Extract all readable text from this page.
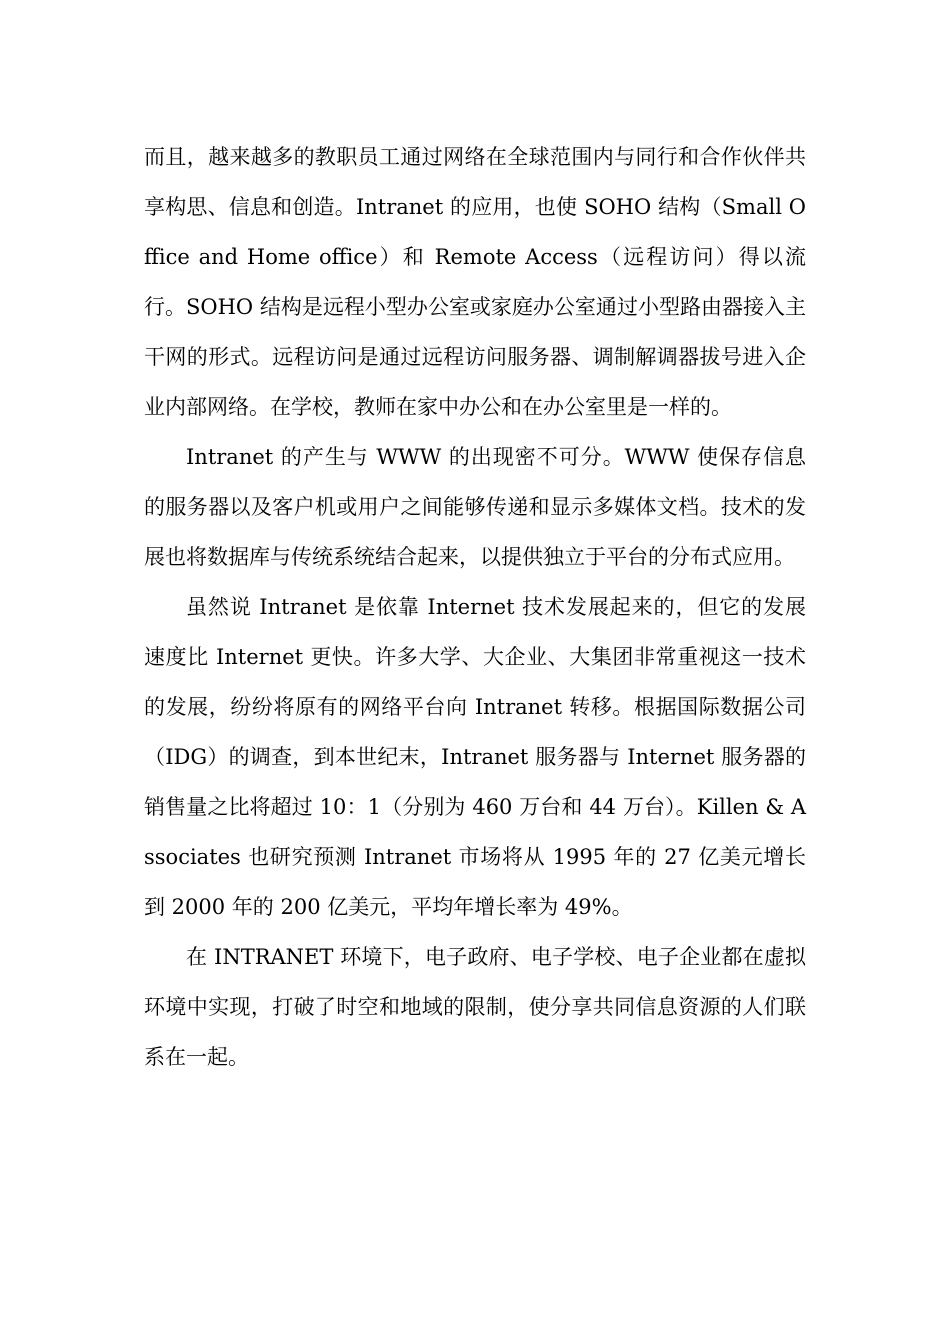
而且，越来越多的教职员工通过网络在全球范围内与同行和合作伙伴共享构思、信息和创造。Intranet 的应用，也使 SOHO 结构（Small Office and Home office）和 Remote Access（远程访问）得以流行。SOHO 结构是远程小型办公室或家庭办公室通过小型路由器接入主干网的形式。远程访问是通过远程访问服务器、调制解调器拔号进入企业内部网络。在学校，教师在家中办公和在办公室里是一样的。

Intranet 的产生与 WWW 的出现密不可分。WWW 使保存信息的服务器以及客户机或用户之间能够传递和显示多媒体文档。技术的发展也将数据库与传统系统结合起来，以提供独立于平台的分布式应用。

虽然说 Intranet 是依靠 Internet 技术发展起来的，但它的发展速度比 Internet 更快。许多大学、大企业、大集团非常重视这一技术的发展，纷纷将原有的网络平台向 Intranet 转移。根据国际数据公司（IDG）的调查，到本世纪末，Intranet 服务器与 Internet 服务器的销售量之比将超过 10：1（分别为 460 万台和 44 万台）。Killen & Associates 也研究预测 Intranet 市场将从 1995 年的 27 亿美元增长到 2000 年的 200 亿美元，平均年增长率为 49%。

在 INTRANET 环境下，电子政府、电子学校、电子企业都在虚拟环境中实现，打破了时空和地域的限制，使分享共同信息资源的人们联系在一起。
